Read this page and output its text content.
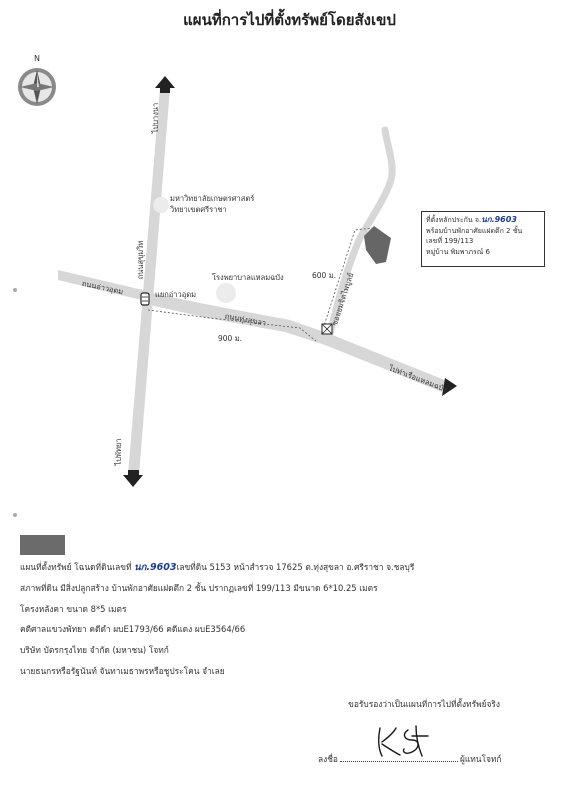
แผนที่การไปที่ตั้งทรัพย์โดยสังเขป
N
ไปบางนา
ถนนสุขุมวิท
ไปพัทยา
ถนนอ่าวอุดม
ถนนทุ่งสุขลา
ไปท่าเรือแหลมฉบัง
ซอยยมจิตไพบูลย์
มหาวิทยาลัยเกษตรศาสตร์
วิทยาเขตศรีราชา
โรงพยาบาลแหลมฉบัง
แยกอ่าวอุดม
900 ม.
600 ม.
ที่ตั้งหลักประกัน จ.นก.9603
พร้อมบ้านพักอาศัยแฝดตึก 2 ชั้น
เลขที่ 199/113
หมู่บ้าน พิมพาภรณ์ 6
แผนที่ตั้งทรัพย์ โฉนดที่ดินเลขที่ นก.9603เลขที่ดิน 5153 หน้าสำรวจ 17625 ต.ทุ่งสุขลา อ.ศรีราชา จ.ชลบุรี
สภาพที่ดิน มีสิ่งปลูกสร้าง บ้านพักอาศัยแฝดตึก 2 ชั้น ปรากฏเลขที่ 199/113 มีขนาด 6*10.25 เมตร
โครงหลังคา ขนาด 8*5 เมตร
คดีศาลแขวงพัทยา คดีดำ ผบE1793/66 คดีแดง ผบE3564/66
บริษัท บัตรกรุงไทย จำกัด (มหาชน) โจทก์
นายธนกรหรือรัฐนันท์ จันทาเมธาพรหรือชูประโคน จำเลย
ขอรับรองว่าเป็นแผนที่การไปที่ตั้งทรัพย์จริง
ลงชื่อ	ผู้แทนโจทก์
